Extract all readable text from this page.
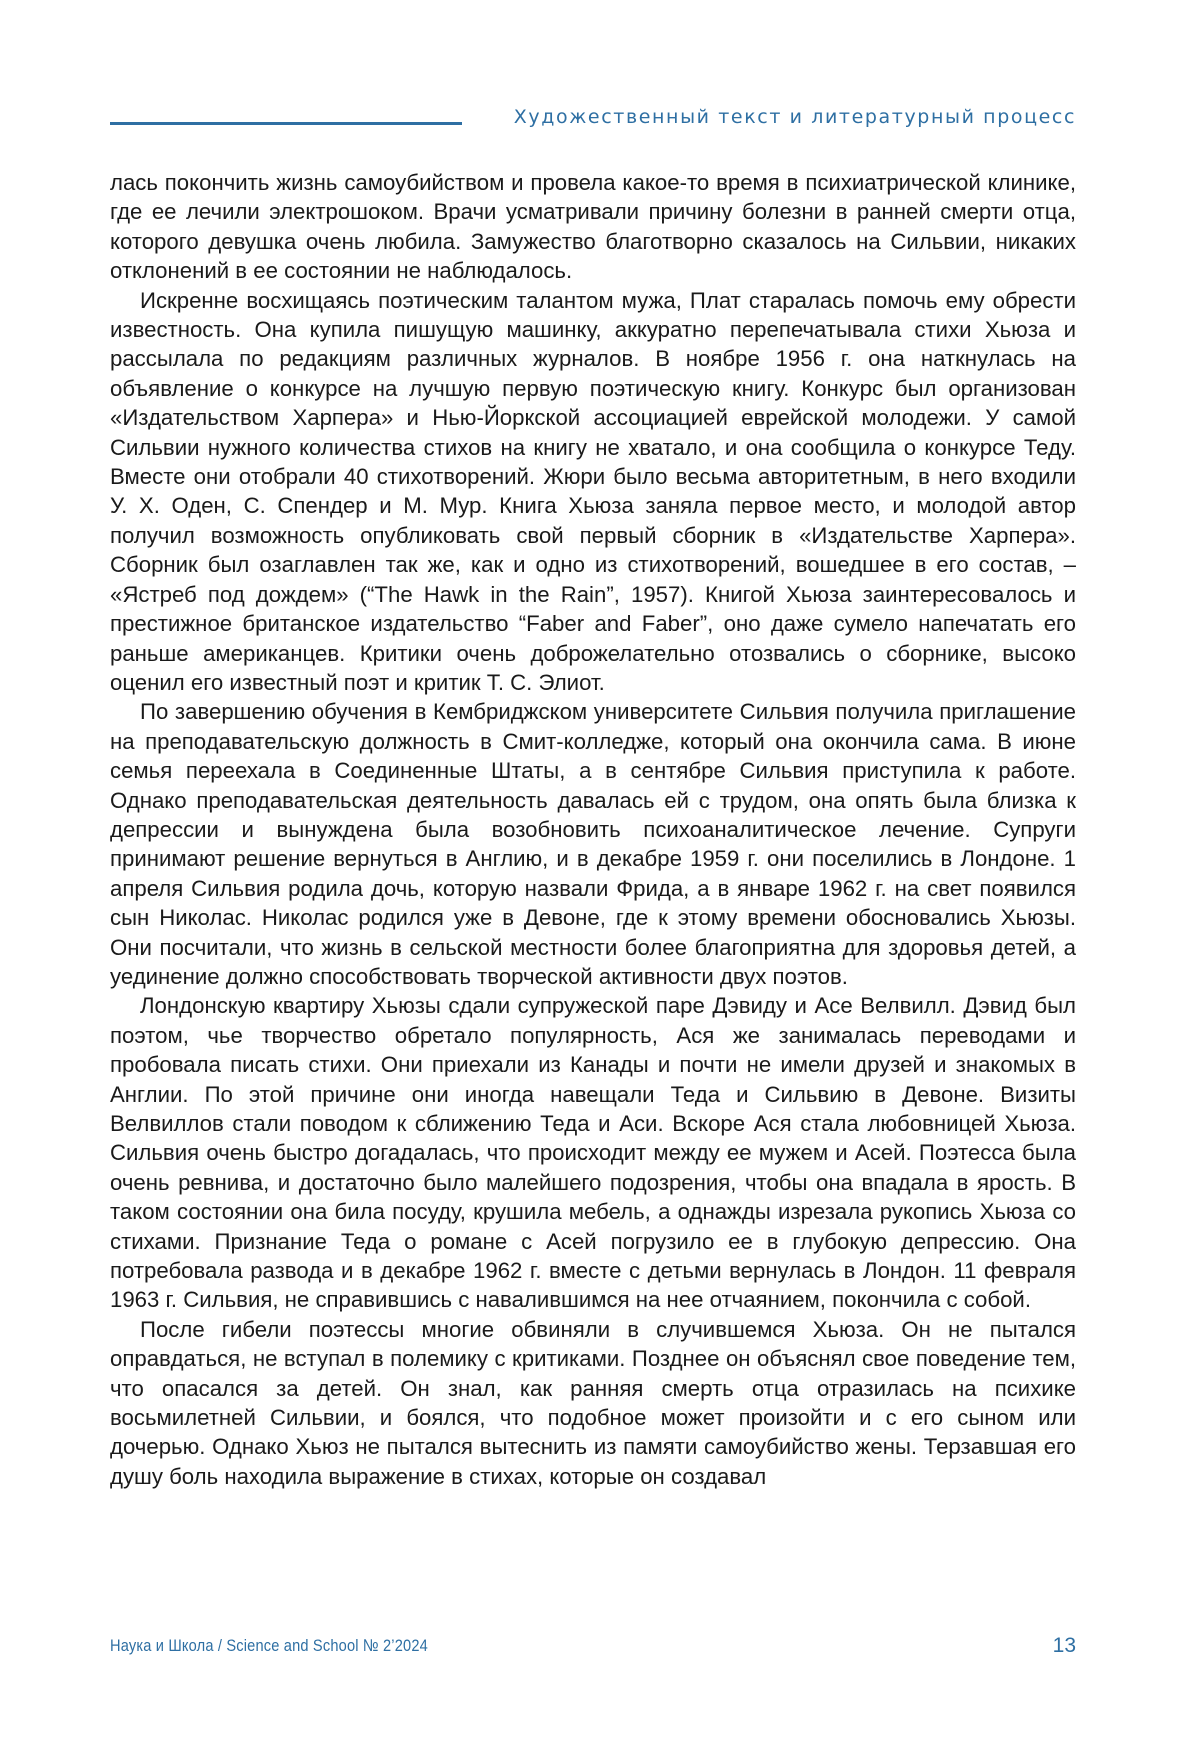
Художественный текст и литературный процесс

лась покончить жизнь самоубийством и провела какое-то время в психиатрической клинике, где ее лечили электрошоком. Врачи усматривали причину болезни в ранней смерти отца, которого девушка очень любила. Замужество благотворно сказалось на Сильвии, никаких отклонений в ее состоянии не наблюдалось.

Искренне восхищаясь поэтическим талантом мужа, Плат старалась помочь ему обрести известность. Она купила пишущую машинку, аккуратно перепечатывала стихи Хьюза и рассылала по редакциям различных журналов. В ноябре 1956 г. она наткнулась на объявление о конкурсе на лучшую первую поэтическую книгу. Конкурс был организован «Издательством Харпера» и Нью-Йоркской ассоциацией еврейской молодежи. У самой Сильвии нужного количества стихов на книгу не хватало, и она сообщила о конкурсе Теду. Вместе они отобрали 40 стихотворений. Жюри было весьма авторитетным, в него входили У. Х. Оден, С. Спендер и М. Мур. Книга Хьюза заняла первое место, и молодой автор получил возможность опубликовать свой первый сборник в «Издательстве Харпера». Сборник был озаглавлен так же, как и одно из стихотворений, вошедшее в его состав, – «Ястреб под дождем» (“The Hawk in the Rain”, 1957). Книгой Хьюза заинтересовалось и престижное британское издательство “Faber and Faber”, оно даже сумело напечатать его раньше американцев. Критики очень доброжелательно отозвались о сборнике, высоко оценил его известный поэт и критик Т. С. Элиот.

По завершению обучения в Кембриджском университете Сильвия получила приглашение на преподавательскую должность в Смит-колледже, который она окончила сама. В июне семья переехала в Соединенные Штаты, а в сентябре Сильвия приступила к работе. Однако преподавательская деятельность давалась ей с трудом, она опять была близка к депрессии и вынуждена была возобновить психоаналитическое лечение. Супруги принимают решение вернуться в Англию, и в декабре 1959 г. они поселились в Лондоне. 1 апреля Сильвия родила дочь, которую назвали Фрида, а в январе 1962 г. на свет появился сын Николас. Николас родился уже в Девоне, где к этому времени обосновались Хьюзы. Они посчитали, что жизнь в сельской местности более благоприятна для здоровья детей, а уединение должно способствовать творческой активности двух поэтов.

Лондонскую квартиру Хьюзы сдали супружеской паре Дэвиду и Асе Велвилл. Дэвид был поэтом, чье творчество обретало популярность, Ася же занималась переводами и пробовала писать стихи. Они приехали из Канады и почти не имели друзей и знакомых в Англии. По этой причине они иногда навещали Теда и Сильвию в Девоне. Визиты Велвиллов стали поводом к сближению Теда и Аси. Вскоре Ася стала любовницей Хьюза. Сильвия очень быстро догадалась, что происходит между ее мужем и Асей. Поэтесса была очень ревнива, и достаточно было малейшего подозрения, чтобы она впадала в ярость. В таком состоянии она била посуду, крушила мебель, а однажды изрезала рукопись Хьюза со стихами. Признание Теда о романе с Асей погрузило ее в глубокую депрессию. Она потребовала развода и в декабре 1962 г. вместе с детьми вернулась в Лондон. 11 февраля 1963 г. Сильвия, не справившись с навалившимся на нее отчаянием, покончила с собой.

После гибели поэтессы многие обвиняли в случившемся Хьюза. Он не пытался оправдаться, не вступал в полемику с критиками. Позднее он объяснял свое поведение тем, что опасался за детей. Он знал, как ранняя смерть отца отразилась на психике восьмилетней Сильвии, и боялся, что подобное может произойти и с его сыном или дочерью. Однако Хьюз не пытался вытеснить из памяти самоубийство жены. Терзавшая его душу боль находила выражение в стихах, которые он создавал

Наука и Школа / Science and School № 2’2024	13
